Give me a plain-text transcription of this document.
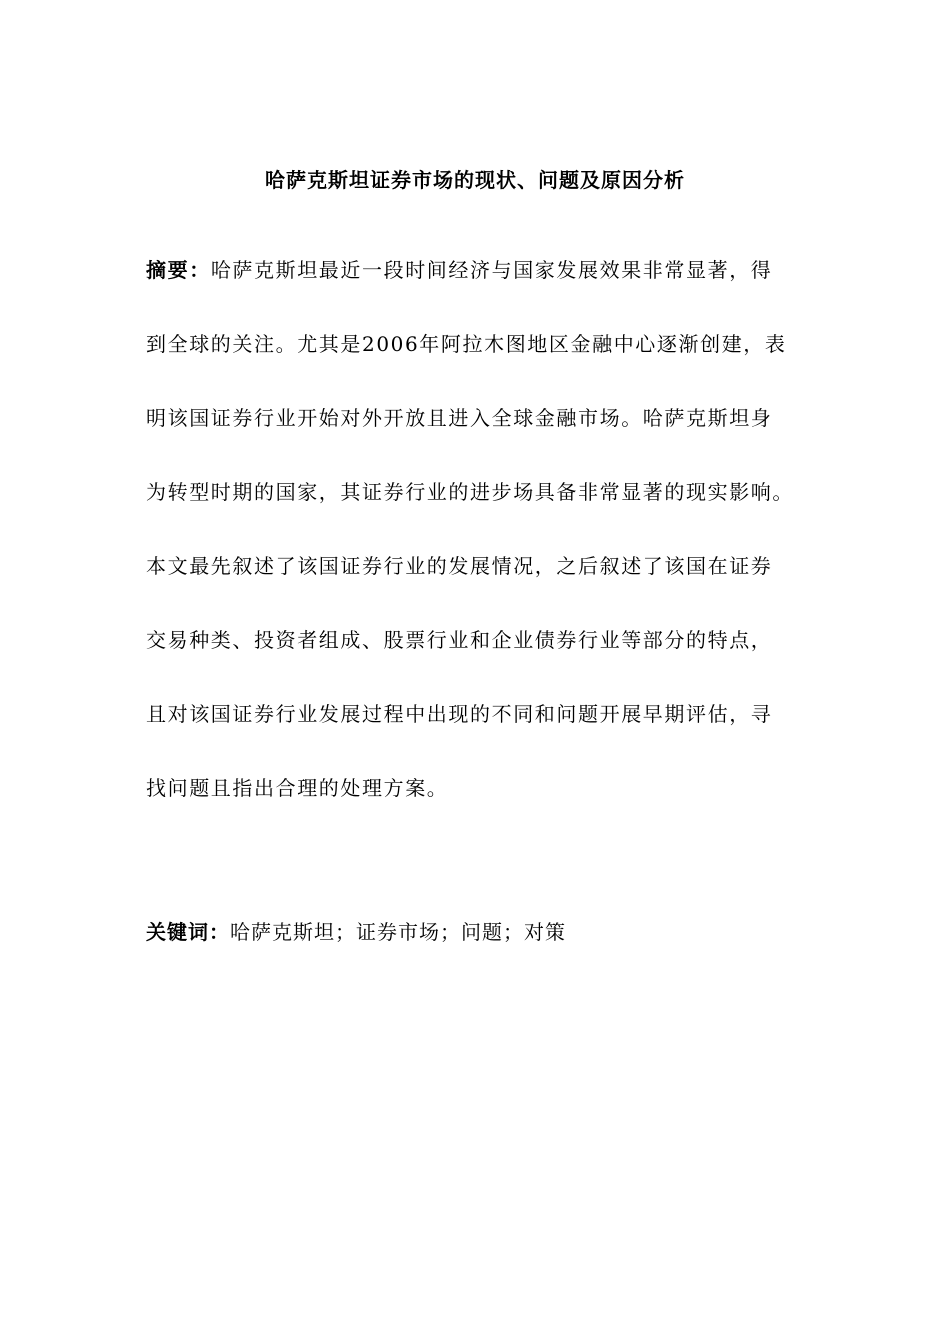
哈萨克斯坦证券市场的现状、问题及原因分析
摘要：哈萨克斯坦最近一段时间经济与国家发展效果非常显著，得
到全球的关注。尤其是2006年阿拉木图地区金融中心逐渐创建，表
明该国证券行业开始对外开放且进入全球金融市场。哈萨克斯坦身
为转型时期的国家，其证券行业的进步场具备非常显著的现实影响。
本文最先叙述了该国证券行业的发展情况，之后叙述了该国在证券
交易种类、投资者组成、股票行业和企业债券行业等部分的特点，
且对该国证券行业发展过程中出现的不同和问题开展早期评估，寻
找问题且指出合理的处理方案。
关键词：哈萨克斯坦；证券市场；问题；对策
